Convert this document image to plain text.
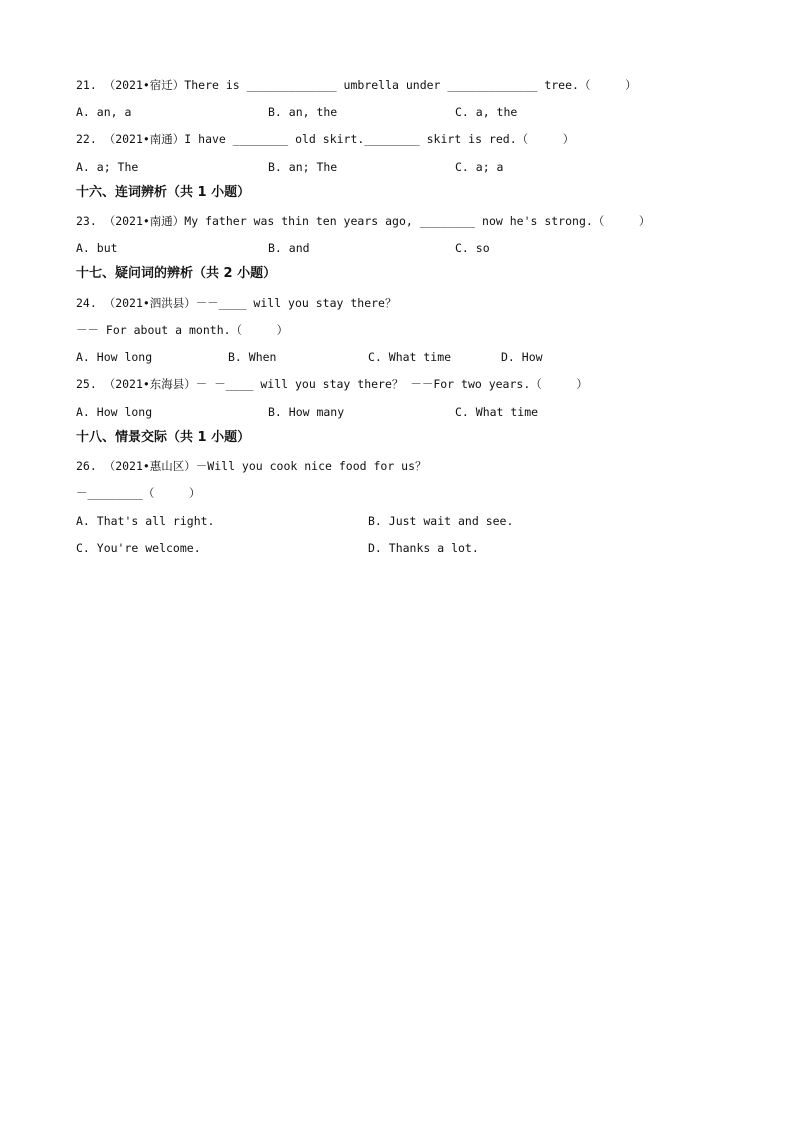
21. （2021•宿迁）There is _____________ umbrella under _____________ tree.（     ）
A. an, a	B. an, the	C. a, the
22. （2021•南通）I have ________ old skirt.________ skirt is red.（     ）
A. a; The	B. an; The	C. a; a
十六、连词辨析（共 1 小题）
23. （2021•南通）My father was thin ten years ago, ________ now he's strong.（     ）
A. but	B. and	C. so
十七、疑问词的辨析（共 2 小题）
24. （2021•泗洪县）－－____ will you stay there？
－－ For about a month.（     ）
A. How long	B. When	C. What time	D. How
25. （2021•东海县）－ －____ will you stay there？ －－For two years.（     ）
A. How long	B. How many	C. What time
十八、情景交际（共 1 小题）
26. （2021•惠山区）－Will you cook nice food for us？
－________（     ）
A. That's all right.	B. Just wait and see.
C. You're welcome.	D. Thanks a lot.
